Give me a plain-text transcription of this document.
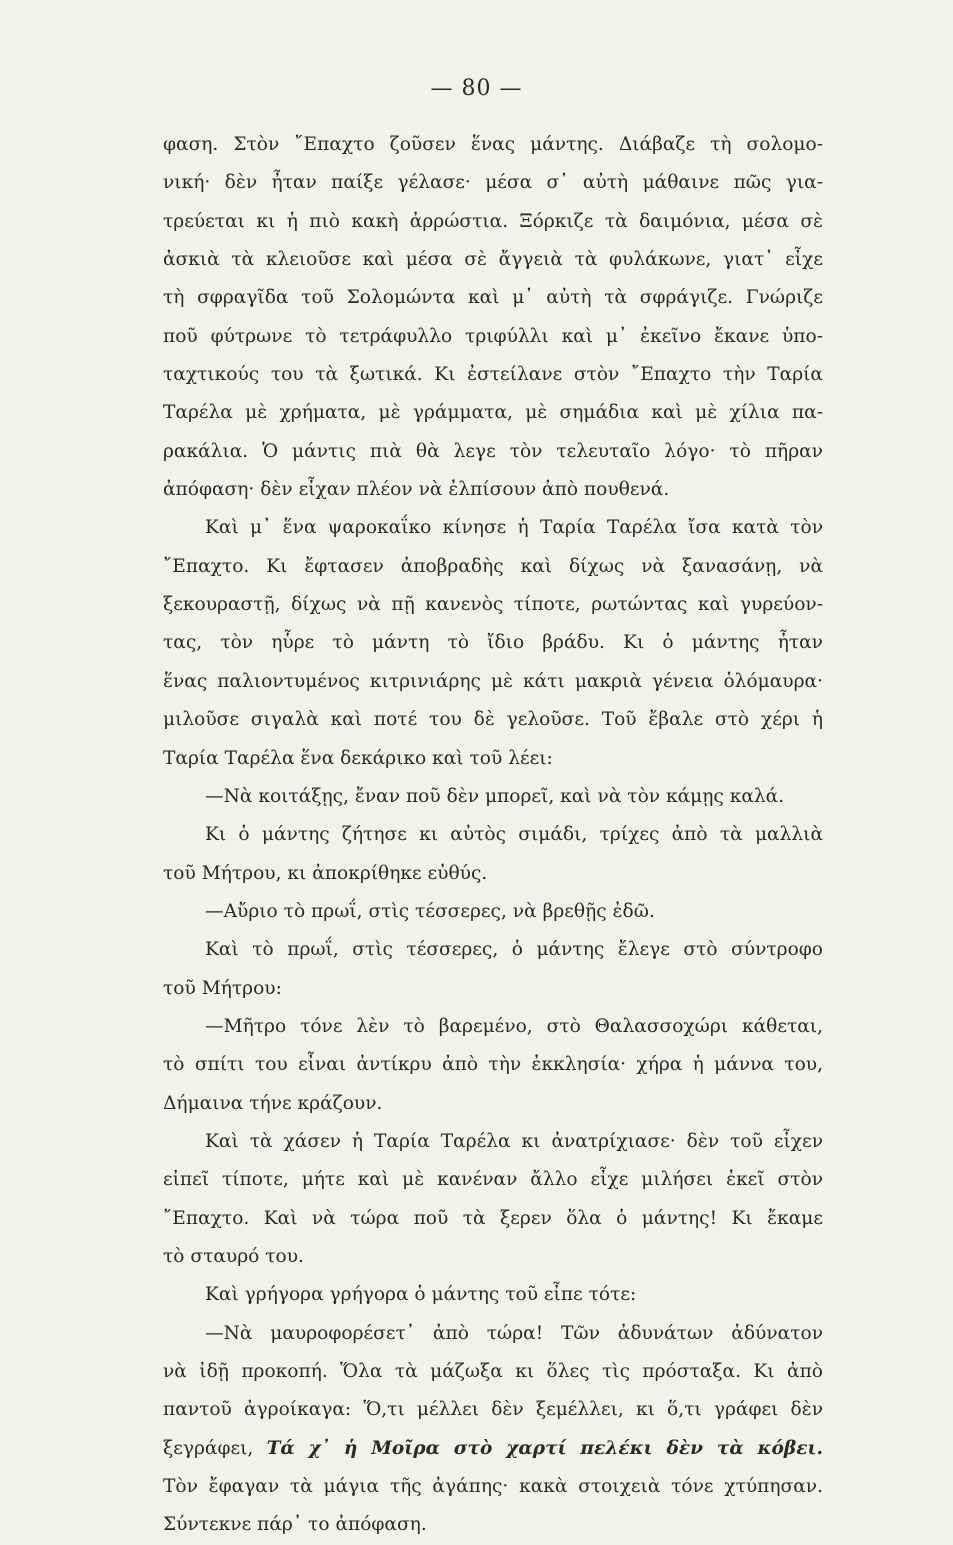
— 80 —
φαση. Στὸν ῎Επαχτο ζοῦσεν ἕνας μάντης. Διάβαζε τὴ σολομο-
νική· δὲν ἦταν παίξε γέλασε· μέσα σ᾽ αὐτὴ μάθαινε πῶς για-
τρεύεται κι ἡ πιὸ κακὴ ἀρρώστια. Ξόρκιζε τὰ δαιμόνια, μέσα σὲ
ἀσκιὰ τὰ κλειοῦσε καὶ μέσα σὲ ἄγγειὰ τὰ φυλάκωνε, γιατ᾽ εἶχε
τὴ σφραγῖδα τοῦ Σολομώντα καὶ μ᾽ αὐτὴ τὰ σφράγιζε. Γνώριζε
ποῦ φύτρωνε τὸ τετράφυλλο τριφύλλι καὶ μ᾽ ἐκεῖνο ἔκανε ὑπο-
ταχτικούς του τὰ ξωτικά. Κι ἐστείλανε στὸν ῎Επαχτο τὴν Ταρία
Ταρέλα μὲ χρήματα, μὲ γράμματα, μὲ σημάδια καὶ μὲ χίλια πα-
ρακάλια. Ὁ μάντις πιὰ θὰ λεγε τὸν τελευταῖο λόγο· τὸ πῆραν
ἀπόφαση· δὲν εἶχαν πλέον νὰ ἐλπίσουν ἀπὸ πουθενά.
Καὶ μ᾽ ἕνα ψαροκαΐκο κίνησε ἡ Ταρία Ταρέλα ἴσα κατὰ τὸν
῎Επαχτο. Κι ἔφτασεν ἀποβραδὴς καὶ δίχως νὰ ξανασάνῃ, νὰ
ξεκουραστῇ, δίχως νὰ πῇ κανενὸς τίποτε, ρωτώντας καὶ γυρεύον-
τας, τὸν ηὗρε τὸ μάντη τὸ ἴδιο βράδυ. Κι ὁ μάντης ἦταν
ἕνας παλιοντυμένος κιτρινιάρης μὲ κάτι μακριὰ γένεια ὁλόμαυρα·
μιλοῦσε σιγαλὰ καὶ ποτέ του δὲ γελοῦσε. Τοῦ ἔβαλε στὸ χέρι ἡ
Ταρία Ταρέλα ἕνα δεκάρικο καὶ τοῦ λέει:
—Νὰ κοιτάξῃς, ἔναν ποῦ δὲν μπορεῖ, καὶ νὰ τὸν κάμῃς καλά.
Κι ὁ μάντης ζήτησε κι αὐτὸς σιμάδι, τρίχες ἀπὸ τὰ μαλλιὰ
τοῦ Μήτρου, κι ἀποκρίθηκε εὐθύς.
—Αὔριο τὸ πρωΐ, στὶς τέσσερες, νὰ βρεθῇς ἐδῶ.
Καὶ τὸ πρωΐ, στὶς τέσσερες, ὁ μάντης ἔλεγε στὸ σύντροφο
τοῦ Μήτρου:
—Μῆτρο τόνε λὲν τὸ βαρεμένο, στὸ Θαλασσοχώρι κάθεται,
τὸ σπίτι του εἶναι ἀντίκρυ ἀπὸ τὴν ἐκκλησία· χήρα ἡ μάννα του,
Δήμαινα τήνε κράζουν.
Καὶ τὰ χάσεν ἡ Ταρία Ταρέλα κι ἀνατρίχιασε· δὲν τοῦ εἶχεν
εἰπεῖ τίποτε, μήτε καὶ μὲ κανέναν ἄλλο εἶχε μιλήσει ἐκεῖ στὸν
῎Επαχτο. Καὶ νὰ τώρα ποῦ τὰ ξερεν ὅλα ὁ μάντης! Κι ἔκαμε
τὸ σταυρό του.
Καὶ γρήγορα γρήγορα ὁ μάντης τοῦ εἶπε τότε:
—Νὰ μαυροφορέσετ᾽ ἀπὸ τώρα! Τῶν ἀδυνάτων ἀδύνατον
νὰ ἰδῇ προκοπή. Ὅλα τὰ μάζωξα κι ὅλες τὶς πρόσταξα. Κι ἀπὸ
παντοῦ ἀγροίκαγα: Ὅ,τι μέλλει δὲν ξεμέλλει, κι ὅ,τι γράφει δὲν
ξεγράφει, Τά χ᾽ ἡ Μοῖρα στὸ χαρτί πελέκι δὲν τὰ κόβει.
Τὸν ἔφαγαν τὰ μάγια τῆς ἀγάπης· κακὰ στοιχειὰ τόνε χτύπησαν.
Σύντεκνε πάρ᾽ το ἀπόφαση.
